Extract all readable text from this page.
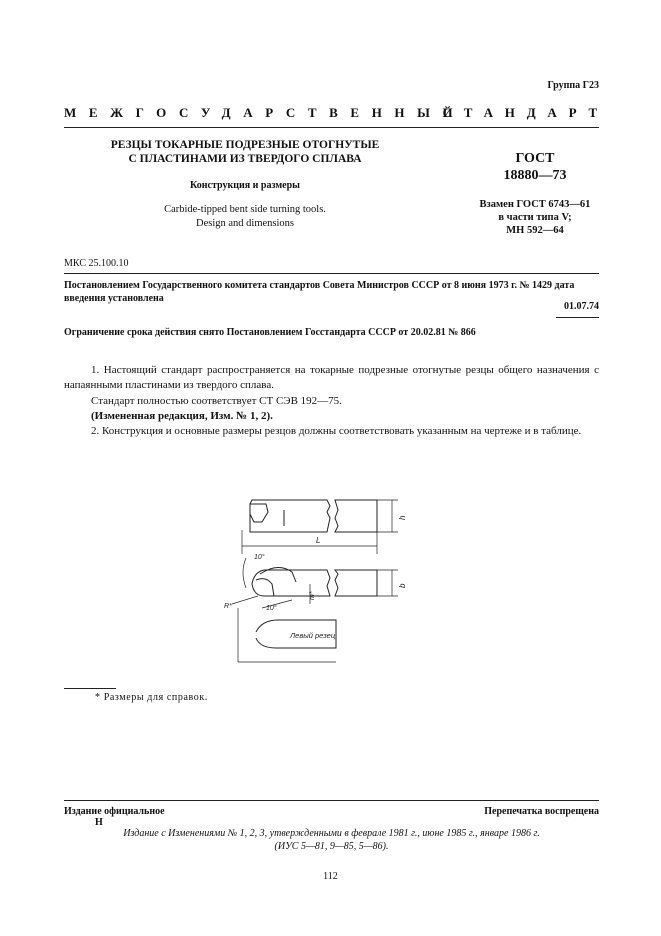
Группа Г23
МЕЖГОСУДАРСТВЕННЫЙ
СТАНДАРТ
РЕЗЦЫ ТОКАРНЫЕ ПОДРЕЗНЫЕ ОТОГНУТЫЕ
С ПЛАСТИНАМИ ИЗ ТВЕРДОГО СПЛАВА
Конструкция и размеры
Carbide-tipped bent side turning tools.
Design and dimensions
ГОСТ
18880—73
Взамен ГОСТ 6743—61
в части типа V;
МН 592—64
МКС 25.100.10
Постановлением Государственного комитета стандартов Совета Министров СССР от 8 июня 1973 г. № 1429 дата введения установлена
01.07.74
Ограничение срока действия снято Постановлением Госстандарта СССР от 20.02.81 № 866

1. Настоящий стандарт распространяется на токарные подрезные отогнутые резцы общего назначения с напаянными пластинами из твердого сплава.

Стандарт полностью соответствует СТ СЭВ 192—75.

(Измененная редакция, Изм. № 1, 2).

2. Конструкция и основные размеры резцов должны соответствовать указанным на чертеже и в таблице.

h
L
b
10°
10°
R*
m*
Левый резец
* Размеры для справок.
Издание официальное
Н
Перепечатка воспрещена
Издание с Изменениями № 1, 2, 3, утвержденными в феврале 1981 г., июне 1985 г., январе 1986 г.
(ИУС 5—81, 9—85, 5—86).
112
